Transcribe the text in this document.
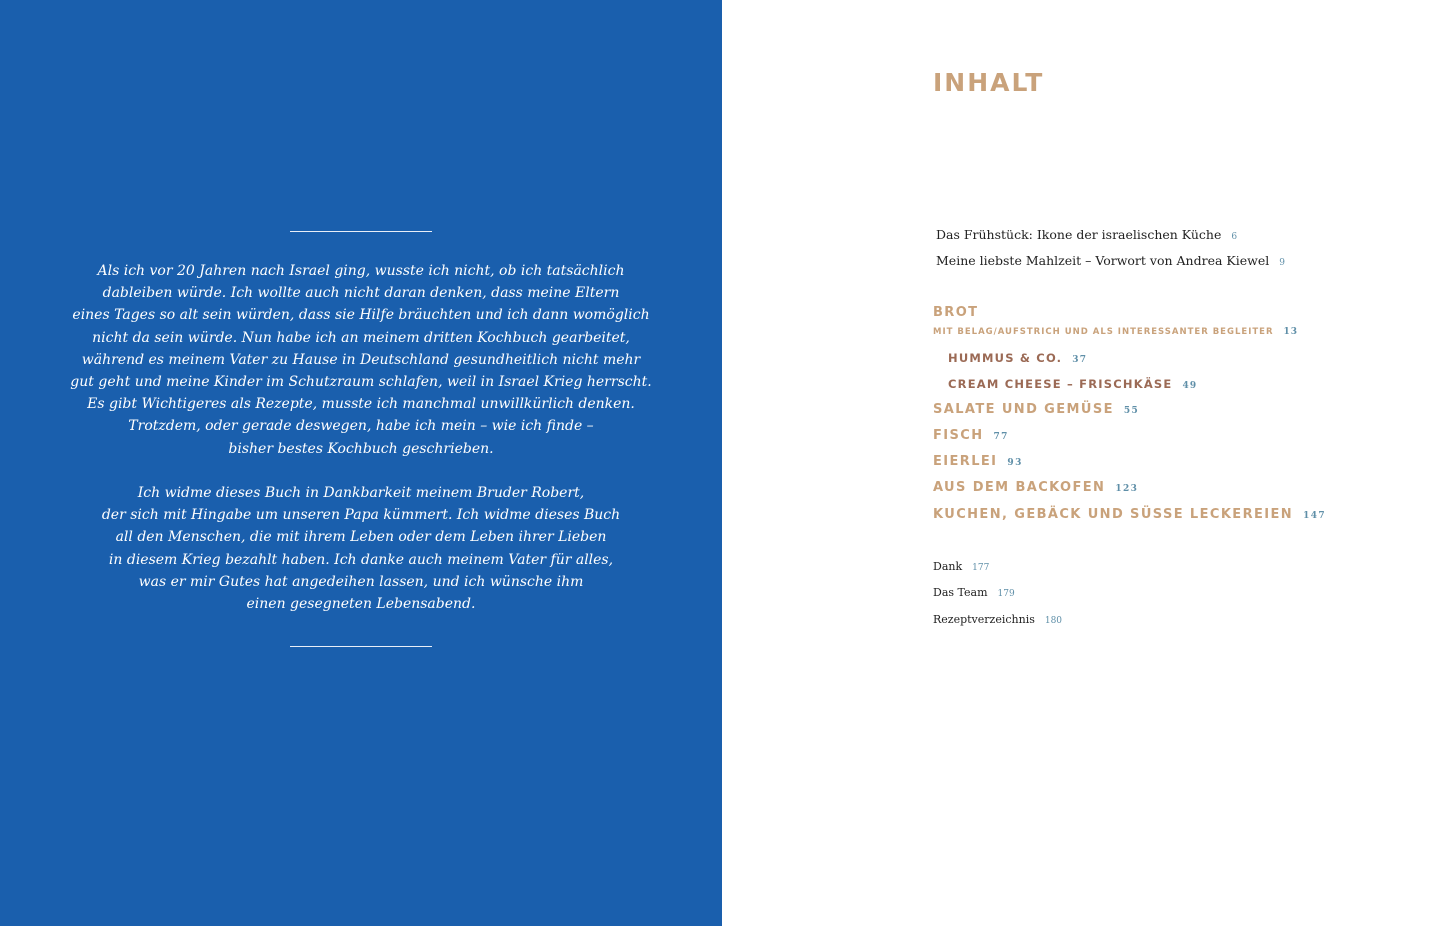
Als ich vor 20 Jahren nach Israel ging, wusste ich nicht, ob ich tatsächlich
dableiben würde. Ich wollte auch nicht daran denken, dass meine Eltern
eines Tages so alt sein würden, dass sie Hilfe bräuchten und ich dann womöglich
nicht da sein würde. Nun habe ich an meinem dritten Kochbuch gearbeitet,
während es meinem Vater zu Hause in Deutschland gesundheitlich nicht mehr
gut geht und meine Kinder im Schutzraum schlafen, weil in Israel Krieg herrscht.
Es gibt Wichtigeres als Rezepte, musste ich manchmal unwillkürlich denken.
Trotzdem, oder gerade deswegen, habe ich mein – wie ich finde –
bisher bestes Kochbuch geschrieben.

Ich widme dieses Buch in Dankbarkeit meinem Bruder Robert,
der sich mit Hingabe um unseren Papa kümmert. Ich widme dieses Buch
all den Menschen, die mit ihrem Leben oder dem Leben ihrer Lieben
in diesem Krieg bezahlt haben. Ich danke auch meinem Vater für alles,
was er mir Gutes hat angedeihen lassen, und ich wünsche ihm
einen gesegneten Lebensabend.

INHALT
Das Frühstück: Ikone der israelischen Küche 6
Meine liebste Mahlzeit – Vorwort von Andrea Kiewel 9
BROT
MIT BELAG/AUFSTRICH UND ALS INTERESSANTER BEGLEITER 13
HUMMUS & CO. 37
CREAM CHEESE – FRISCHKÄSE 49
SALATE UND GEMÜSE 55
FISCH 77
EIERLEI 93
AUS DEM BACKOFEN 123
KUCHEN, GEBÄCK UND SÜSSE LECKEREIEN 147
Dank 177
Das Team 179
Rezeptverzeichnis 180
